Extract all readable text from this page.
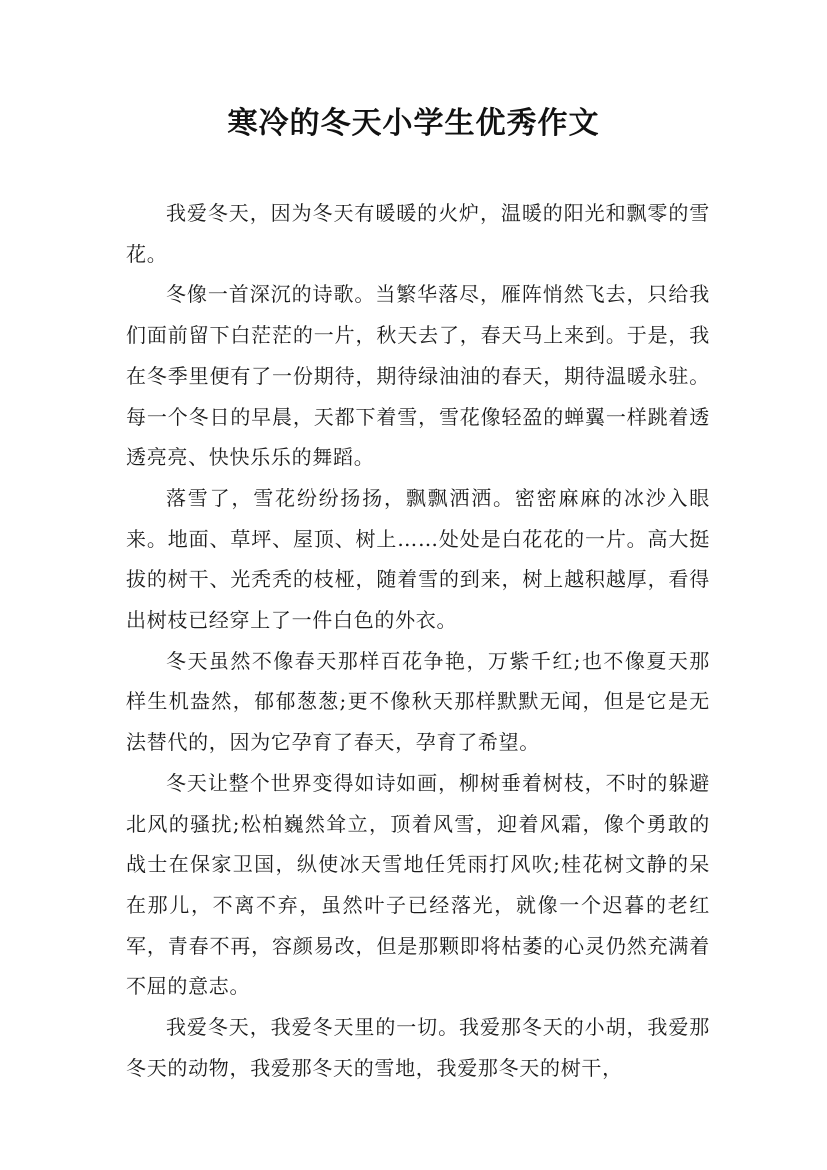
寒冷的冬天小学生优秀作文

我爱冬天，因为冬天有暖暖的火炉，温暖的阳光和飘零的雪花。

冬像一首深沉的诗歌。当繁华落尽，雁阵悄然飞去，只给我们面前留下白茫茫的一片，秋天去了，春天马上来到。于是，我在冬季里便有了一份期待，期待绿油油的春天，期待温暖永驻。每一个冬日的早晨，天都下着雪，雪花像轻盈的蝉翼一样跳着透透亮亮、快快乐乐的舞蹈。

落雪了，雪花纷纷扬扬，飘飘洒洒。密密麻麻的冰沙入眼来。地面、草坪、屋顶、树上……处处是白花花的一片。高大挺拔的树干、光秃秃的枝桠，随着雪的到来，树上越积越厚，看得出树枝已经穿上了一件白色的外衣。

冬天虽然不像春天那样百花争艳，万紫千红;也不像夏天那样生机盎然，郁郁葱葱;更不像秋天那样默默无闻，但是它是无法替代的，因为它孕育了春天，孕育了希望。

冬天让整个世界变得如诗如画，柳树垂着树枝，不时的躲避北风的骚扰;松柏巍然耸立，顶着风雪，迎着风霜，像个勇敢的战士在保家卫国，纵使冰天雪地任凭雨打风吹;桂花树文静的呆在那儿，不离不弃，虽然叶子已经落光，就像一个迟暮的老红军，青春不再，容颜易改，但是那颗即将枯萎的心灵仍然充满着不屈的意志。

我爱冬天，我爱冬天里的一切。我爱那冬天的小胡，我爱那冬天的动物，我爱那冬天的雪地，我爱那冬天的树干，
